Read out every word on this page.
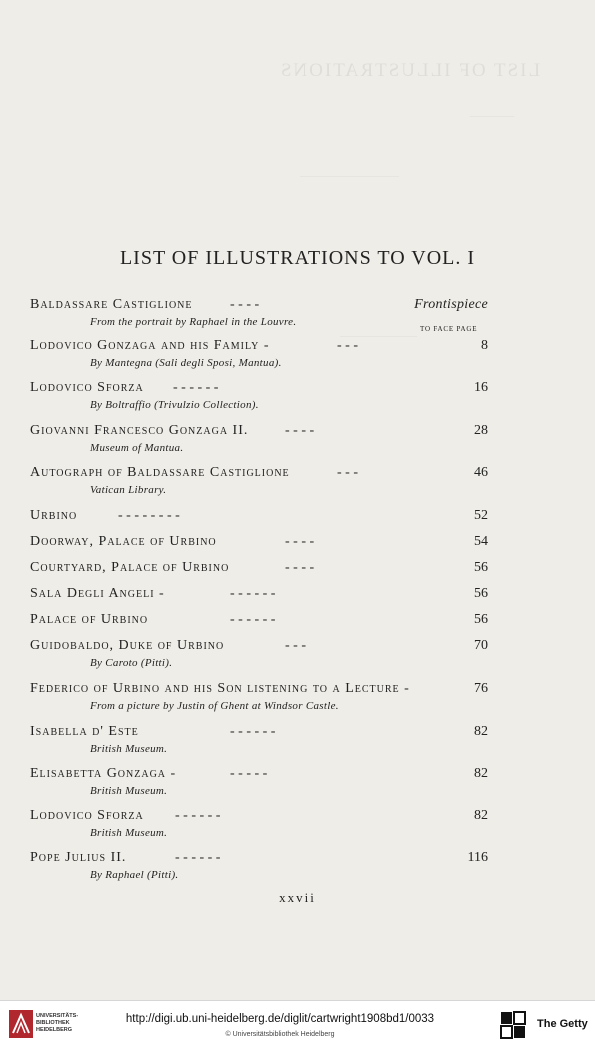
LIST OF ILLUSTRATIONS
————
—————————
———————
LIST OF ILLUSTRATIONS TO VOL. I
TO FACE PAGE
Baldassare Castiglione	- - - -	Frontispiece
From the portrait by Raphael in the Louvre.
Lodovico Gonzaga and his Family -	- - -	8
By Mantegna (Sali degli Sposi, Mantua).
Lodovico Sforza - - - - - -	16
By Boltraffio (Trivulzio Collection).
Giovanni Francesco Gonzaga II.	- - - -	28
Museum of Mantua.
Autograph of Baldassare Castiglione	- - -	46
Vatican Library.
Urbino	- - - - - - - -	52
Doorway, Palace of Urbino	- - - -	54
Courtyard, Palace of Urbino	- - - -	56
Sala Degli Angeli -	- - - - - -	56
Palace of Urbino	- - - - - -	56
Guidobaldo, Duke of Urbino	- - -	70
By Caroto (Pitti).
Federico of Urbino and his Son listening to a Lecture -	76
From a picture by Justin of Ghent at Windsor Castle.
Isabella d' Este	- - - - - -	82
British Museum.
Elisabetta Gonzaga -	- - - - -	82
British Museum.
Lodovico Sforza - - - - - -	82
British Museum.
Pope Julius II.	- - - - - -	116
By Raphael (Pitti).
xxvii
UNIVERSITÄTS-
BIBLIOTHEK
HEIDELBERG
http://digi.ub.uni-heidelberg.de/diglit/cartwright1908bd1/0033
© Universitätsbibliothek Heidelberg
The Getty
